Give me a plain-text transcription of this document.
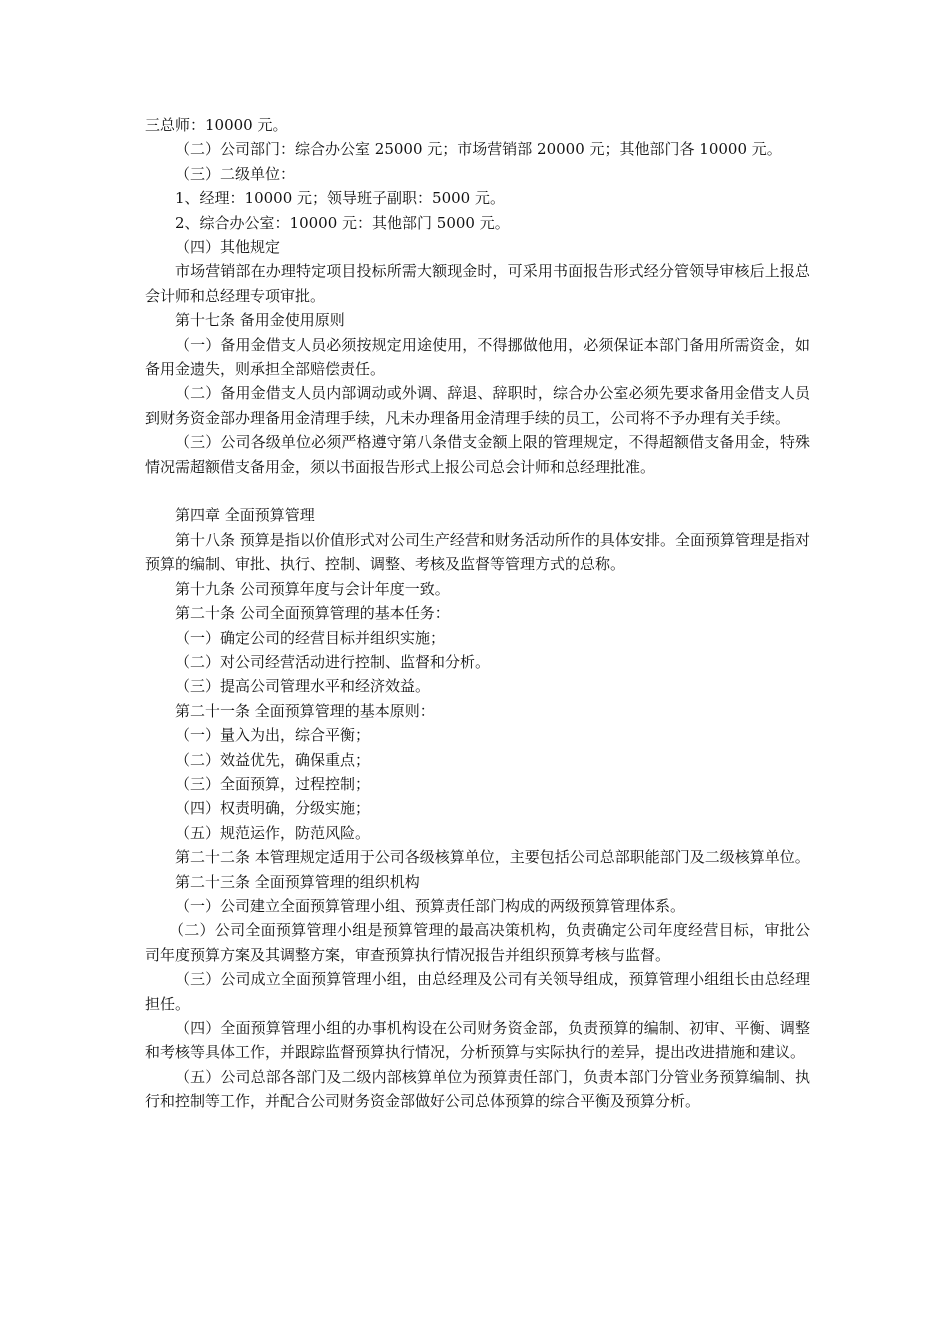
三总师：10000 元。

（二）公司部门：综合办公室 25000 元；市场营销部 20000 元；其他部门各 10000 元。

（三）二级单位：

1、经理：10000 元；领导班子副职：5000 元。

2、综合办公室：10000 元：其他部门 5000 元。

（四）其他规定

市场营销部在办理特定项目投标所需大额现金时，可采用书面报告形式经分管领导审核后上报总会计师和总经理专项审批。

第十七条 备用金使用原则

（一）备用金借支人员必须按规定用途使用，不得挪做他用，必须保证本部门备用所需资金，如备用金遗失，则承担全部赔偿责任。

（二）备用金借支人员内部调动或外调、辞退、辞职时，综合办公室必须先要求备用金借支人员到财务资金部办理备用金清理手续，凡未办理备用金清理手续的员工，公司将不予办理有关手续。

（三）公司各级单位必须严格遵守第八条借支金额上限的管理规定，不得超额借支备用金，特殊情况需超额借支备用金，须以书面报告形式上报公司总会计师和总经理批准。

第四章 全面预算管理

第十八条 预算是指以价值形式对公司生产经营和财务活动所作的具体安排。全面预算管理是指对预算的编制、审批、执行、控制、调整、考核及监督等管理方式的总称。

第十九条 公司预算年度与会计年度一致。

第二十条 公司全面预算管理的基本任务：

（一）确定公司的经营目标并组织实施；

（二）对公司经营活动进行控制、监督和分析。

（三）提高公司管理水平和经济效益。

第二十一条 全面预算管理的基本原则：

（一）量入为出，综合平衡；

（二）效益优先，确保重点；

（三）全面预算，过程控制；

（四）权责明确，分级实施；

（五）规范运作，防范风险。

第二十二条 本管理规定适用于公司各级核算单位，主要包括公司总部职能部门及二级核算单位。

第二十三条 全面预算管理的组织机构

（一）公司建立全面预算管理小组、预算责任部门构成的两级预算管理体系。

（二）公司全面预算管理小组是预算管理的最高决策机构，负责确定公司年度经营目标，审批公司年度预算方案及其调整方案，审查预算执行情况报告并组织预算考核与监督。

（三）公司成立全面预算管理小组，由总经理及公司有关领导组成，预算管理小组组长由总经理担任。

（四）全面预算管理小组的办事机构设在公司财务资金部，负责预算的编制、初审、平衡、调整和考核等具体工作，并跟踪监督预算执行情况，分析预算与实际执行的差异，提出改进措施和建议。

（五）公司总部各部门及二级内部核算单位为预算责任部门，负责本部门分管业务预算编制、执行和控制等工作，并配合公司财务资金部做好公司总体预算的综合平衡及预算分析。
